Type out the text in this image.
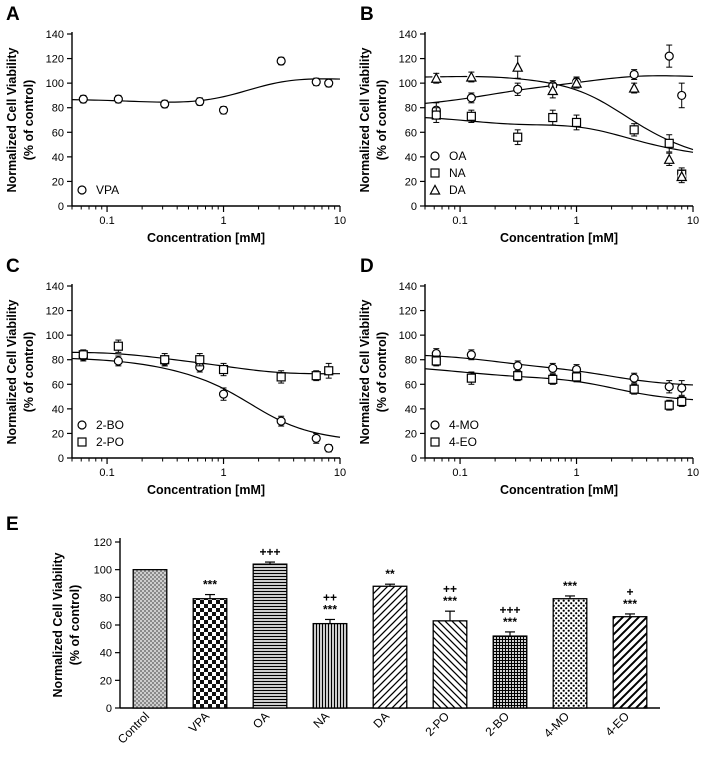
A	B
C	D
E
0
20
40
60
80
100
120
140
0.1	1	10
Normalized Cell Viability (% of control)
Concentration [mM]
VPA
0
20
40
60
80
100
120
140
0.1	1	10
Normalized Cell Viability (% of control)
Concentration [mM]
OA
NA
DA
0
20
40
60
80
100
120
140
0.1	1	10
Normalized Cell Viability (% of control)
Concentration [mM]
2-BO
2-PO
0
20
40
60
80
100
120
140
0.1	1	10
Normalized Cell Viability (% of control)
Concentration [mM]
4-MO
4-EO
0
20
40
60
80
100
120
Normalized Cell Viability (% of control)
Control
***
VPA
+++
OA
++
***
NA
**
DA
++
***
2-PO
+++
***
2-BO
***
4-MO
+
***
4-EO
